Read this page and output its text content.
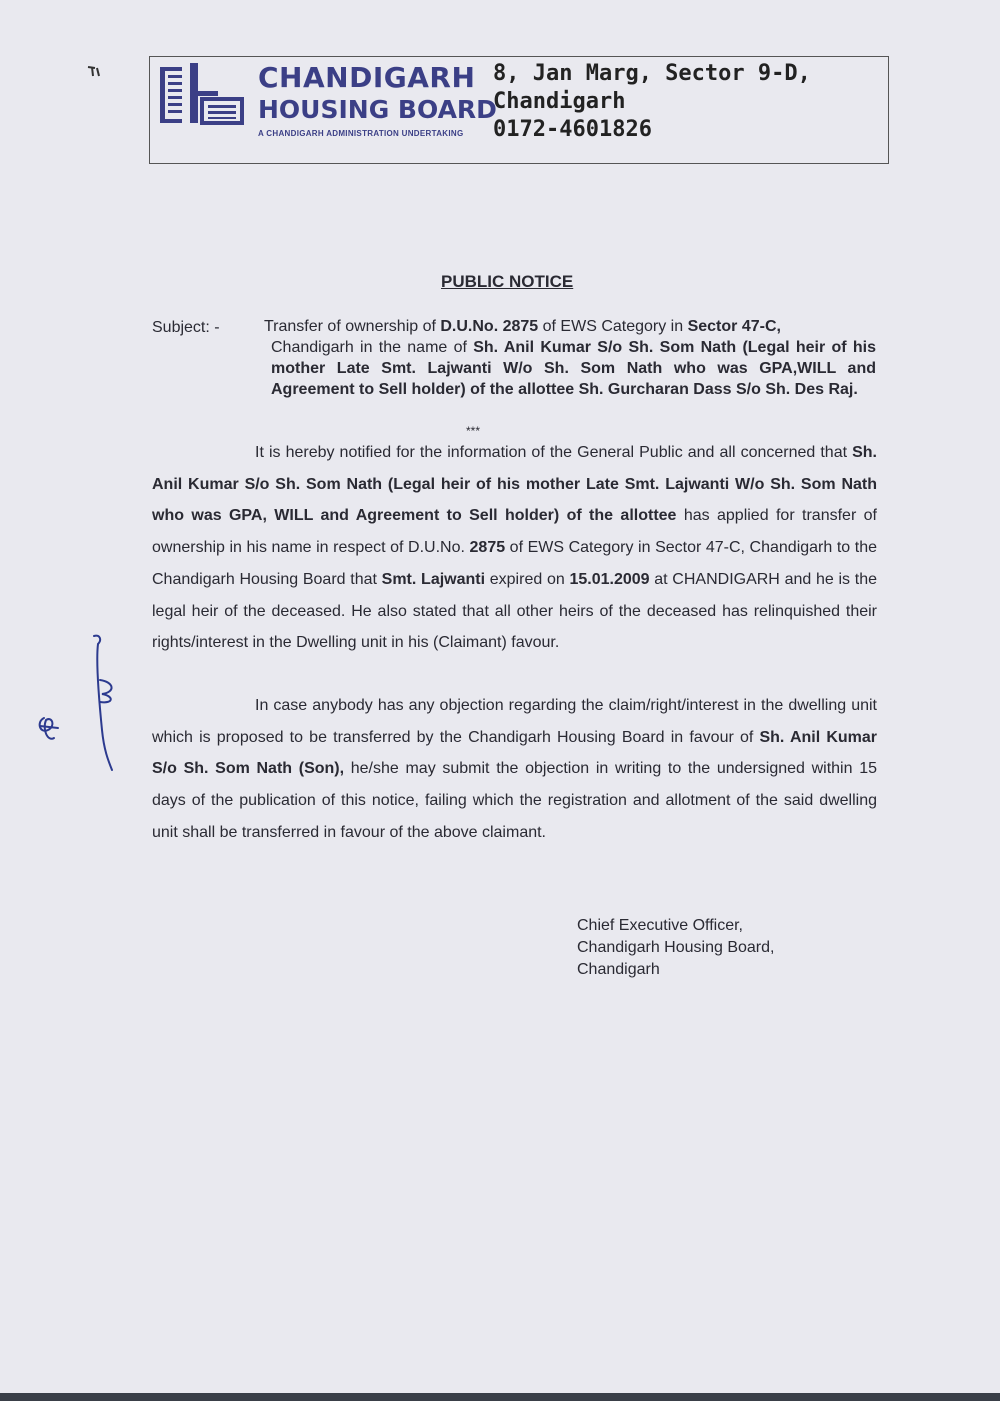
CHANDIGARH
HOUSING BOARD
A CHANDIGARH ADMINISTRATION UNDERTAKING
8, Jan Marg, Sector 9-D,
Chandigarh
0172-4601826
PUBLIC NOTICE
Subject: -	Transfer of ownership of D.U.No. 2875 of EWS Category in Sector 47-C,
Chandigarh in the name of Sh. Anil Kumar S/o Sh. Som Nath (Legal heir of his mother Late Smt. Lajwanti W/o Sh. Som Nath who was GPA,WILL and Agreement to Sell holder) of the allottee Sh. Gurcharan Dass S/o Sh. Des Raj.
***
It is hereby notified for the information of the General Public and all concerned that Sh. Anil Kumar S/o Sh. Som Nath (Legal heir of his mother Late Smt. Lajwanti W/o Sh. Som Nath who was GPA, WILL and Agreement to Sell holder) of the allottee has applied for transfer of ownership in his name in respect of D.U.No. 2875 of EWS Category in Sector 47-C, Chandigarh to the Chandigarh Housing Board that Smt. Lajwanti expired on 15.01.2009 at CHANDIGARH and he is the legal heir of the deceased. He also stated that all other heirs of the deceased has relinquished their rights/interest in the Dwelling unit in his (Claimant) favour.
In case anybody has any objection regarding the claim/right/interest in the dwelling unit which is proposed to be transferred by the Chandigarh Housing Board in favour of Sh. Anil Kumar S/o Sh. Som Nath (Son), he/she may submit the objection in writing to the undersigned within 15 days of the publication of this notice, failing which the registration and allotment of the said dwelling unit shall be transferred in favour of the above claimant.
Chief Executive Officer,
Chandigarh Housing Board,
Chandigarh
